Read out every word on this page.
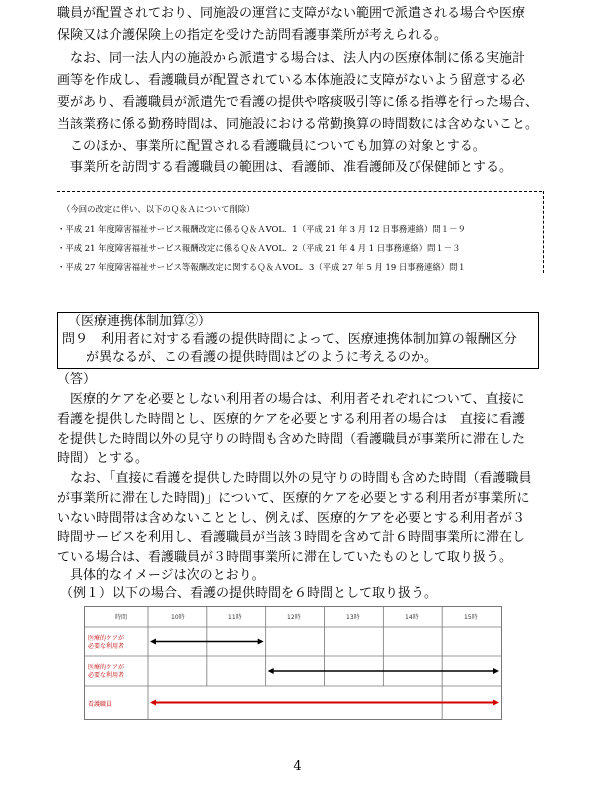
職員が配置されており、同施設の運営に支障がない範囲で派遣される場合や医療
保険又は介護保険上の指定を受けた訪問看護事業所が考えられる。
なお、同一法人内の施設から派遣する場合は、法人内の医療体制に係る実施計
画等を作成し、看護職員が配置されている本体施設に支障がないよう留意する必
要があり、看護職員が派遣先で看護の提供や喀痰吸引等に係る指導を行った場合、
当該業務に係る勤務時間は、同施設における常勤換算の時間数には含めないこと。
このほか、事業所に配置される看護職員についても加算の対象とする。
事業所を訪問する看護職員の範囲は、看護師、准看護師及び保健師とする。
（今回の改定に伴い、以下のＱ＆Ａについて削除）
・平成 21 年度障害福祉サービス報酬改定に係るＱ＆ＡVOL．1（平成 21 年 3 月 12 日事務連絡）問１－９
・平成 21 年度障害福祉サービス報酬改定に係るＱ＆ＡVOL．2（平成 21 年 4 月 1 日事務連絡）問１－３
・平成 27 年度障害福祉サービス等報酬改定に関するＱ＆ＡVOL．3（平成 27 年 5 月 19 日事務連絡）問１
（医療連携体制加算②）
問９　利用者に対する看護の提供時間によって、医療連携体制加算の報酬区分
が異なるが、この看護の提供時間はどのように考えるのか。
（答）
医療的ケアを必要としない利用者の場合は、利用者それぞれについて、直接に
看護を提供した時間とし、医療的ケアを必要とする利用者の場合は　直接に看護
を提供した時間以外の見守りの時間も含めた時間（看護職員が事業所に滞在した
時間）とする。
なお、｢直接に看護を提供した時間以外の見守りの時間も含めた時間（看護職員
が事業所に滞在した時間)」について、医療的ケアを必要とする利用者が事業所に
いない時間帯は含めないこととし、例えば、医療的ケアを必要とする利用者が３
時間サービスを利用し、看護職員が当該３時間を含めて計６時間事業所に滞在し
ている場合は、看護職員が３時間事業所に滞在していたものとして取り扱う。
具体的なイメージは次のとおり。
（例１）以下の場合、看護の提供時間を６時間として取り扱う。
時間	10時	11時	12時	13時	14時	15時
医療的ケアが
必要な利用者
医療的ケアが
必要な利用者
看護職員
4
